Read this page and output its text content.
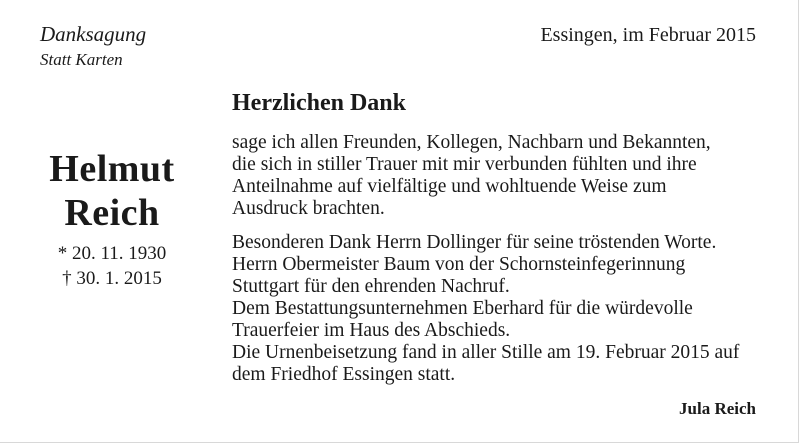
Danksagung
Statt Karten
Essingen, im Februar 2015
Helmut
Reich
* 20. 11. 1930
† 30. 1. 2015
Herzlichen Dank

sage ich allen Freunden, Kollegen, Nachbarn und Bekannten,
die sich in stiller Trauer mit mir verbunden fühlten und ihre
Anteilnahme auf vielfältige und wohltuende Weise zum
Ausdruck brachten.

Besonderen Dank Herrn Dollinger für seine tröstenden Worte.
Herrn Obermeister Baum von der Schornsteinfegerinnung
Stuttgart für den ehrenden Nachruf.
Dem Bestattungsunternehmen Eberhard für die würdevolle
Trauerfeier im Haus des Abschieds.
Die Urnenbeisetzung fand in aller Stille am 19. Februar 2015 auf
dem Friedhof Essingen statt.

Jula Reich
